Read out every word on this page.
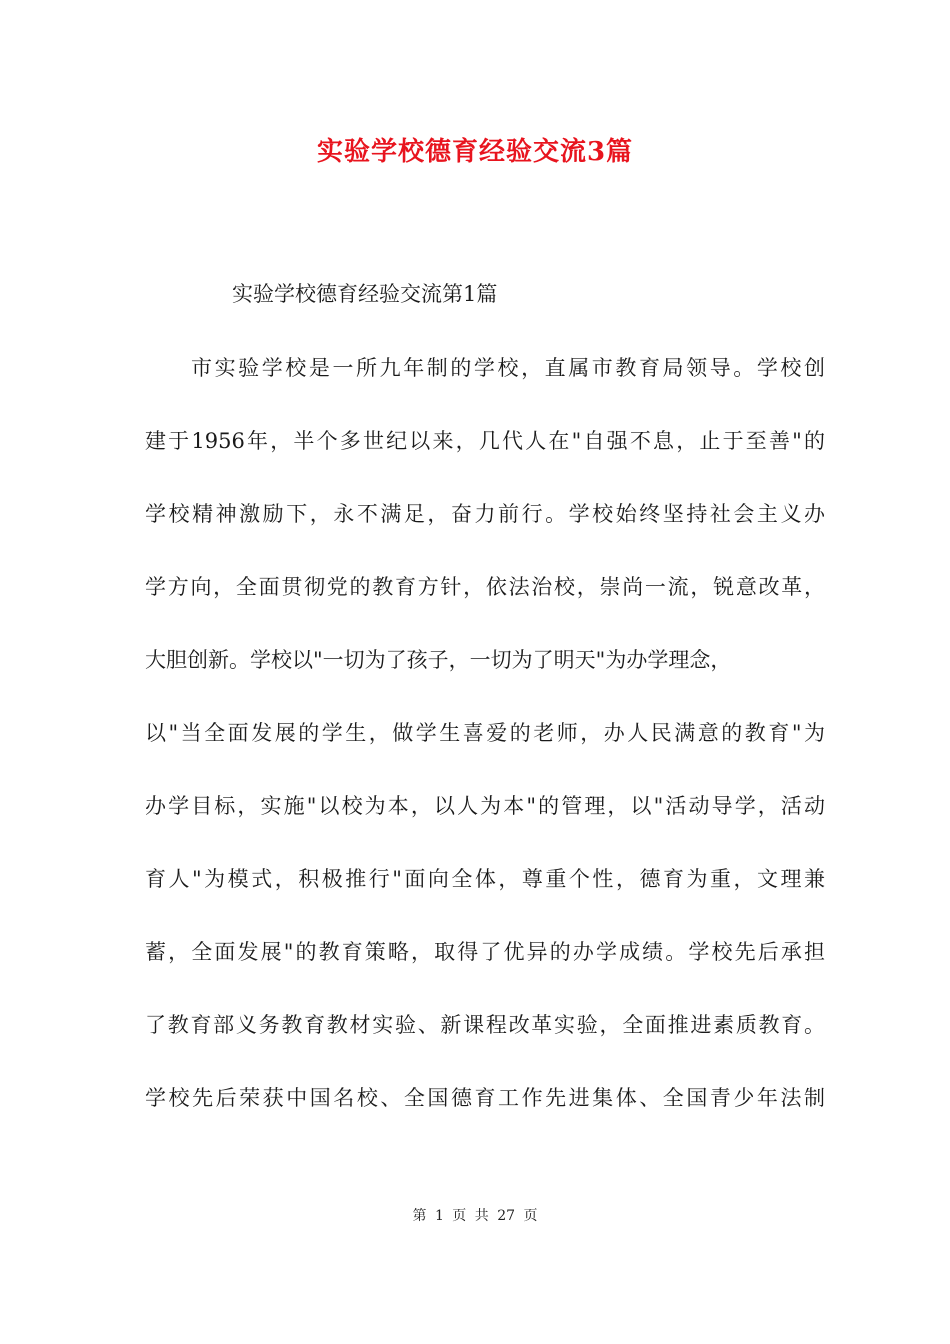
实验学校德育经验交流3篇

实验学校德育经验交流第1篇

市实验学校是一所九年制的学校，直属市教育局领导。学校创

建于1956年，半个多世纪以来，几代人在"自强不息，止于至善"的

学校精神激励下，永不满足，奋力前行。学校始终坚持社会主义办

学方向，全面贯彻党的教育方针，依法治校，崇尚一流，锐意改革，

大胆创新。学校以"一切为了孩子，一切为了明天"为办学理念，

以"当全面发展的学生，做学生喜爱的老师，办人民满意的教育"为

办学目标，实施"以校为本，以人为本"的管理，以"活动导学，活动

育人"为模式，积极推行"面向全体，尊重个性，德育为重，文理兼

蓄，全面发展"的教育策略，取得了优异的办学成绩。学校先后承担

了教育部义务教育教材实验、新课程改革实验，全面推进素质教育。

学校先后荣获中国名校、全国德育工作先进集体、全国青少年法制

第 1 页 共 27 页
